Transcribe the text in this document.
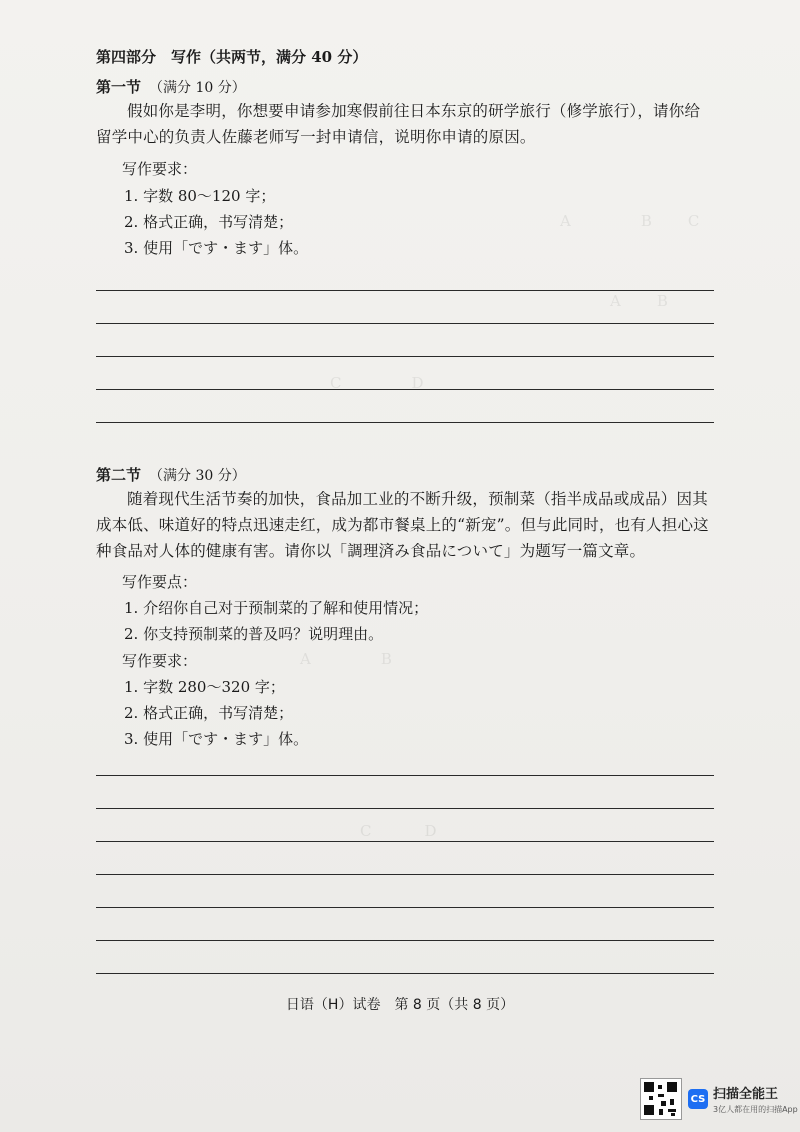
A　　　　B　　C
A　　B
C　　　　D
A　　　　B
C　　　D
第四部分　写作（共两节，满分 40 分）
第一节 （满分 10 分）
假如你是李明，你想要申请参加寒假前往日本东京的研学旅行（修学旅行），请你给留学中心的负责人佐藤老师写一封申请信，说明你申请的原因。
写作要求：
1. 字数 80～120 字；
2. 格式正确，书写清楚；
3. 使用「です・ます」体。
第二节 （满分 30 分）
随着现代生活节奏的加快，食品加工业的不断升级，预制菜（指半成品或成品）因其成本低、味道好的特点迅速走红，成为都市餐桌上的“新宠”。但与此同时，也有人担心这种食品对人体的健康有害。请你以「調理済み食品について」为题写一篇文章。
写作要点：
1. 介绍你自己对于预制菜的了解和使用情况；
2. 你支持预制菜的普及吗？说明理由。
写作要求：
1. 字数 280～320 字；
2. 格式正确，书写清楚；
3. 使用「です・ます」体。
日语（H）试卷　第 8 页（共 8 页）
CS 扫描全能王
3亿人都在用的扫描App
